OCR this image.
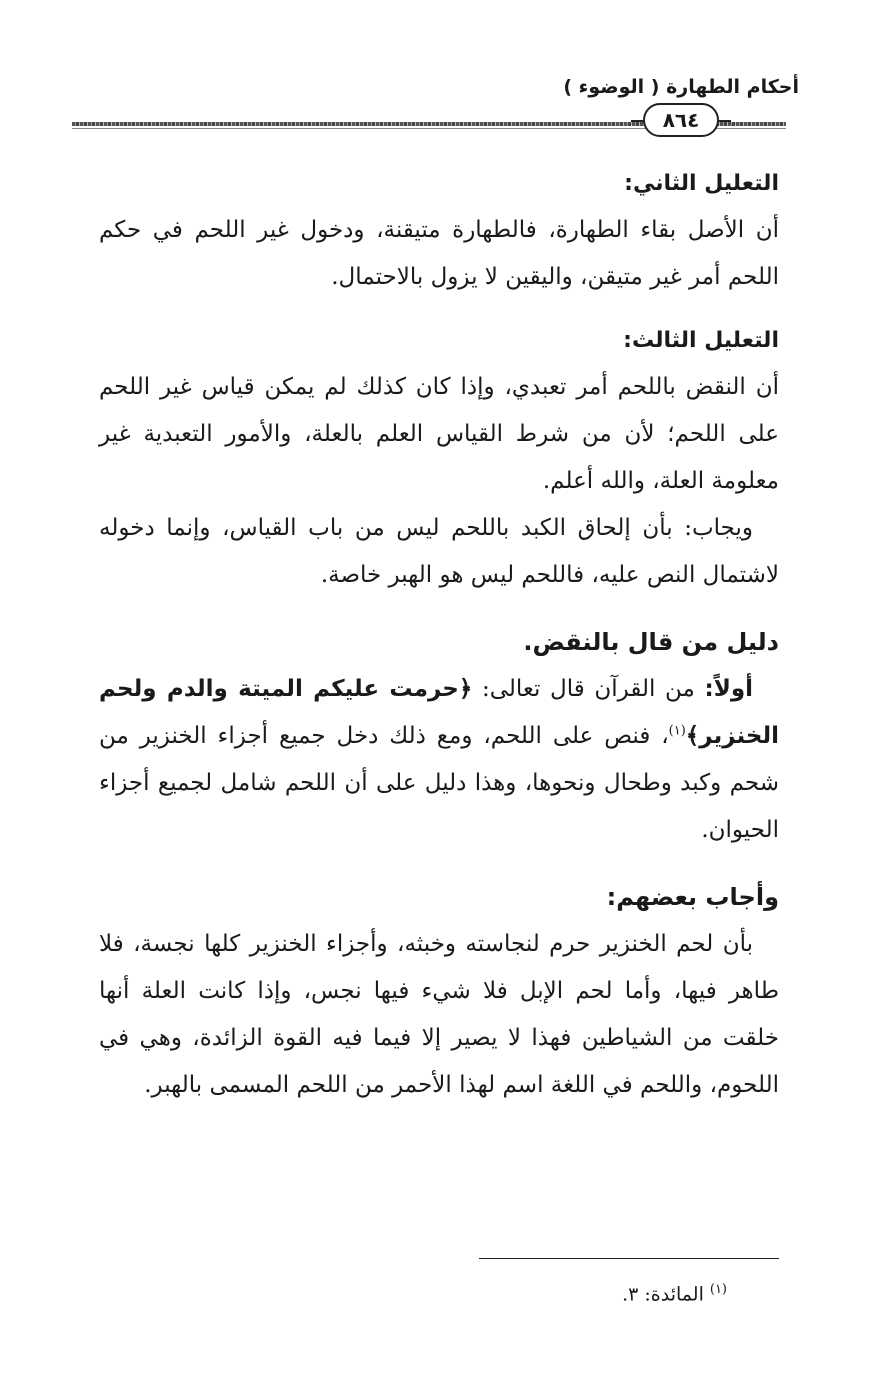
أحكام الطهارة ( الوضوء )
٨٦٤

التعليل الثاني:

أن الأصل بقاء الطهارة، فالطهارة متيقنة، ودخول غير اللحم في حكم اللحم أمر غير متيقن، واليقين لا يزول بالاحتمال.

التعليل الثالث:

أن النقض باللحم أمر تعبدي، وإذا كان كذلك لم يمكن قياس غير اللحم على اللحم؛ لأن من شرط القياس العلم بالعلة، والأمور التعبدية غير معلومة العلة، والله أعلم.

ويجاب: بأن إلحاق الكبد باللحم ليس من باب القياس، وإنما دخوله لاشتمال النص عليه، فاللحم ليس هو الهبر خاصة.

دليل من قال بالنقض.

أولاً: من القرآن قال تعالى: ﴿حرمت عليكم الميتة والدم ولحم الخنزير﴾$^{(١)}$، فنص على اللحم، ومع ذلك دخل جميع أجزاء الخنزير من شحم وكبد وطحال ونحوها، وهذا دليل على أن اللحم شامل لجميع أجزاء الحيوان.

وأجاب بعضهم:

بأن لحم الخنزير حرم لنجاسته وخبثه، وأجزاء الخنزير كلها نجسة، فلا طاهر فيها، وأما لحم الإبل فلا شيء فيها نجس، وإذا كانت العلة أنها خلقت من الشياطين فهذا لا يصير إلا فيما فيه القوة الزائدة، وهي في اللحوم، واللحم في اللغة اسم لهذا الأحمر من اللحم المسمى بالهبر.

$^{(١)}$المائدة: ٣.
